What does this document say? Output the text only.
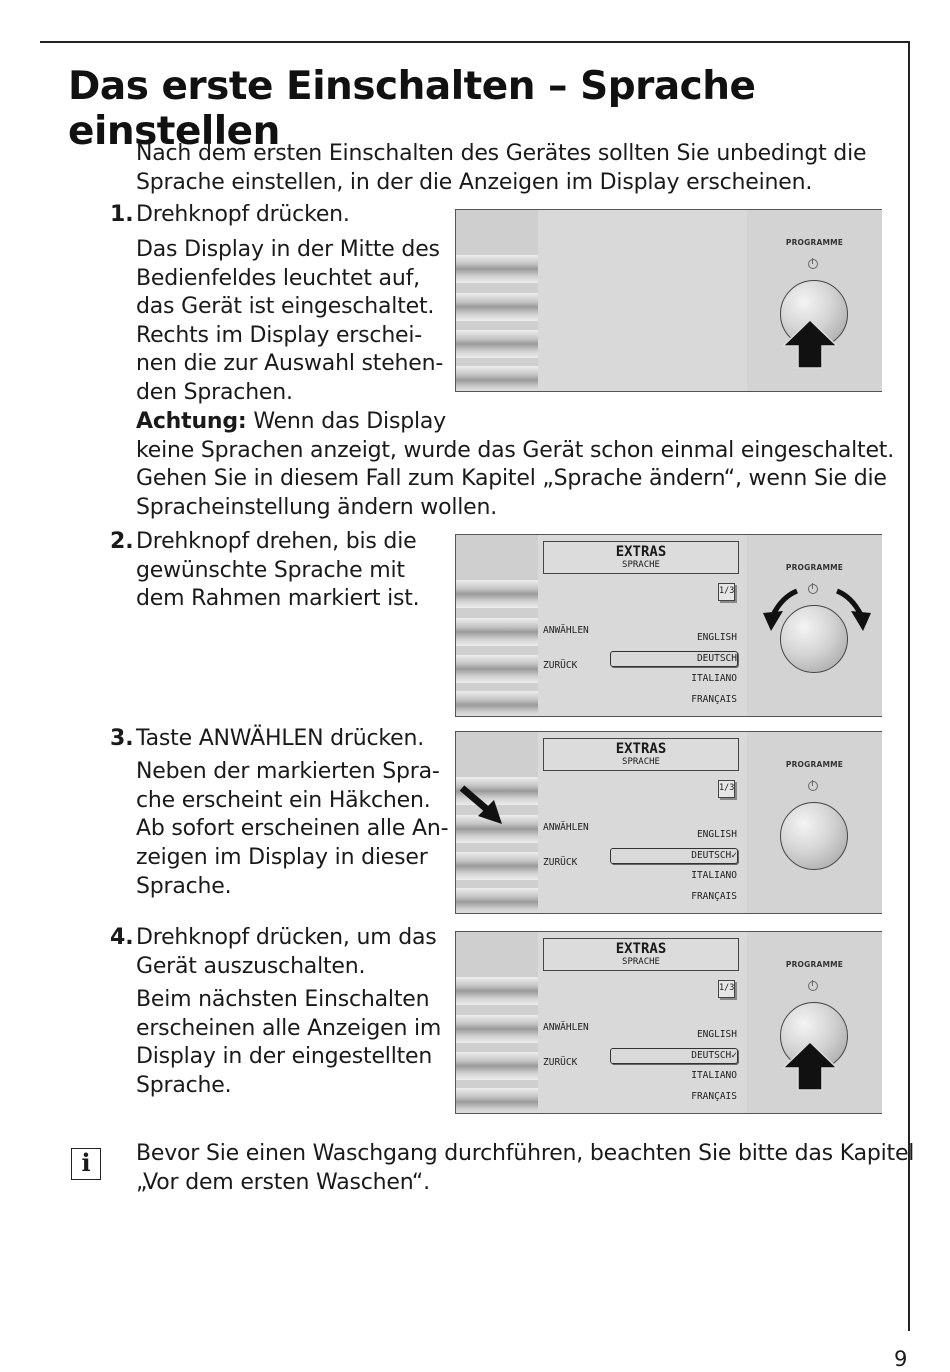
Das erste Einschalten – Sprache einstellen

Nach dem ersten Einschalten des Gerätes sollten Sie unbedingt die

Sprache einstellen, in der die Anzeigen im Display erscheinen.

1. Drehknopf drücken.

Das Display in der Mitte des

Bedienfeldes leuchtet auf,

das Gerät ist eingeschaltet.

Rechts im Display erschei-

nen die zur Auswahl stehen-

den Sprachen.

Achtung: Wenn das Display

keine Sprachen anzeigt, wurde das Gerät schon einmal eingeschaltet.

Gehen Sie in diesem Fall zum Kapitel „Sprache ändern“, wenn Sie die

Spracheinstellung ändern wollen.

PROGRAMME
2. Drehknopf drehen, bis die

gewünschte Sprache mit

dem Rahmen markiert ist.

EXTRAS
SPRACHE
1/3
ANWÄHLEN
ZURÜCK
ENGLISH
DEUTSCH
ITALIANO
FRANÇAIS
PROGRAMME
3. Taste ANWÄHLEN drücken.

Neben der markierten Spra-

che erscheint ein Häkchen.

Ab sofort erscheinen alle An-

zeigen im Display in dieser

Sprache.

EXTRAS
SPRACHE
1/3
ANWÄHLEN
ZURÜCK
ENGLISH
DEUTSCH✓
ITALIANO
FRANÇAIS
PROGRAMME
4. Drehknopf drücken, um das

Gerät auszuschalten.

Beim nächsten Einschalten

erscheinen alle Anzeigen im

Display in der eingestellten

Sprache.

EXTRAS
SPRACHE
1/3
ANWÄHLEN
ZURÜCK
ENGLISH
DEUTSCH✓
ITALIANO
FRANÇAIS
PROGRAMME
i	Bevor Sie einen Waschgang durchführen, beachten Sie bitte das Kapitel

„Vor dem ersten Waschen“.

9
